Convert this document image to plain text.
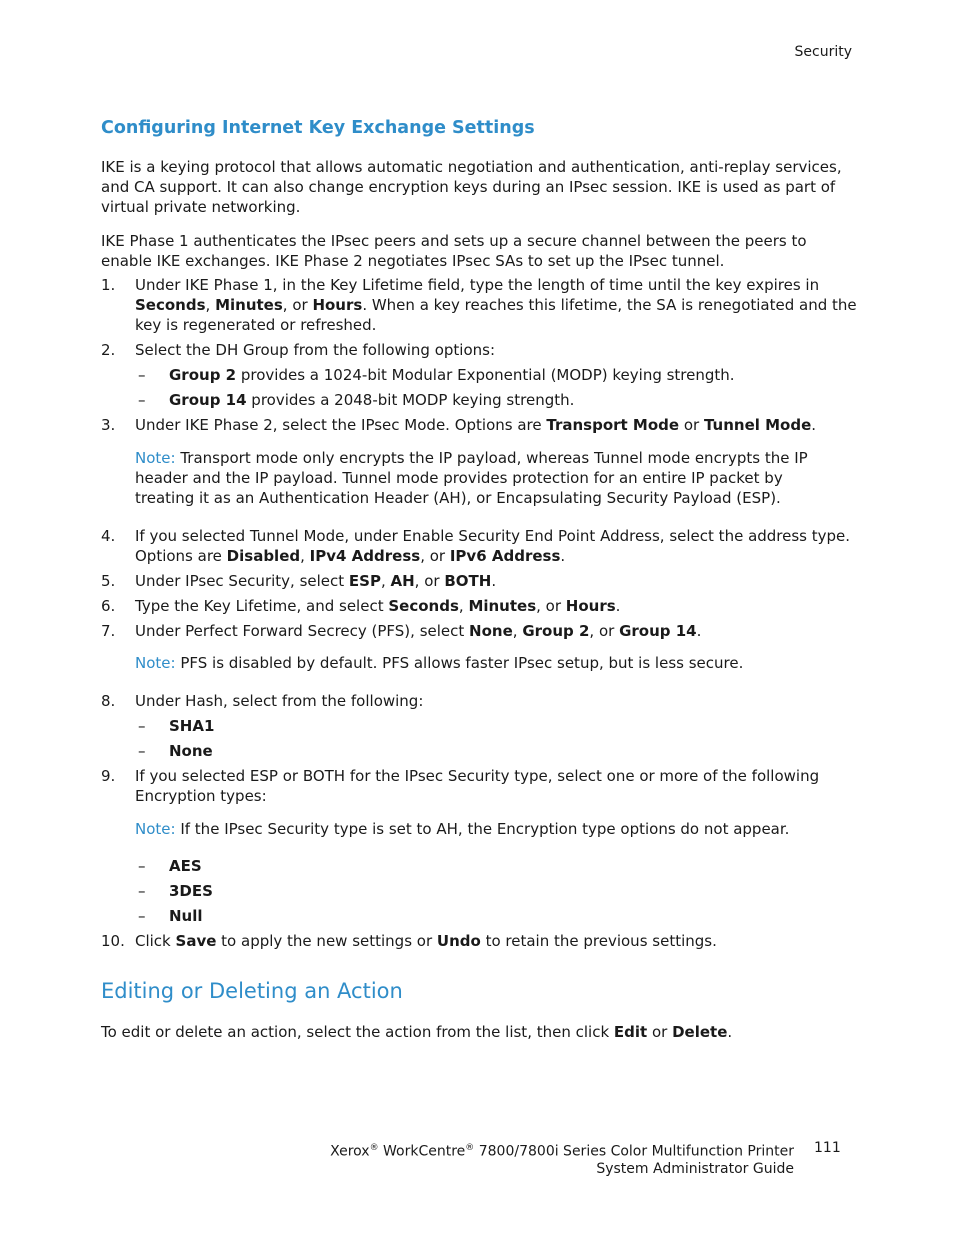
Security
Configuring Internet Key Exchange Settings

IKE is a keying protocol that allows automatic negotiation and authentication, anti-replay services, and CA support. It can also change encryption keys during an IPsec session. IKE is used as part of virtual private networking.

IKE Phase 1 authenticates the IPsec peers and sets up a secure channel between the peers to enable IKE exchanges. IKE Phase 2 negotiates IPsec SAs to set up the IPsec tunnel.

1. Under IKE Phase 1, in the Key Lifetime field, type the length of time until the key expires in Seconds, Minutes, or Hours. When a key reaches this lifetime, the SA is renegotiated and the key is regenerated or refreshed.
2. Select the DH Group from the following options:
– Group 2 provides a 1024-bit Modular Exponential (MODP) keying strength.
– Group 14 provides a 2048-bit MODP keying strength.
3. Under IKE Phase 2, select the IPsec Mode. Options are Transport Mode or Tunnel Mode.
Note: Transport mode only encrypts the IP payload, whereas Tunnel mode encrypts the IP header and the IP payload. Tunnel mode provides protection for an entire IP packet by treating it as an Authentication Header (AH), or Encapsulating Security Payload (ESP).
4. If you selected Tunnel Mode, under Enable Security End Point Address, select the address type. Options are Disabled, IPv4 Address, or IPv6 Address.
5. Under IPsec Security, select ESP, AH, or BOTH.
6. Type the Key Lifetime, and select Seconds, Minutes, or Hours.
7. Under Perfect Forward Secrecy (PFS), select None, Group 2, or Group 14.
Note: PFS is disabled by default. PFS allows faster IPsec setup, but is less secure.
8. Under Hash, select from the following:
– SHA1
– None
9. If you selected ESP or BOTH for the IPsec Security type, select one or more of the following Encryption types:
Note: If the IPsec Security type is set to AH, the Encryption type options do not appear.
– AES
– 3DES
– Null
10. Click Save to apply the new settings or Undo to retain the previous settings.
Editing or Deleting an Action

To edit or delete an action, select the action from the list, then click Edit or Delete.

Xerox® WorkCentre® 7800/7800i Series Color Multifunction Printer
System Administrator Guide
111
